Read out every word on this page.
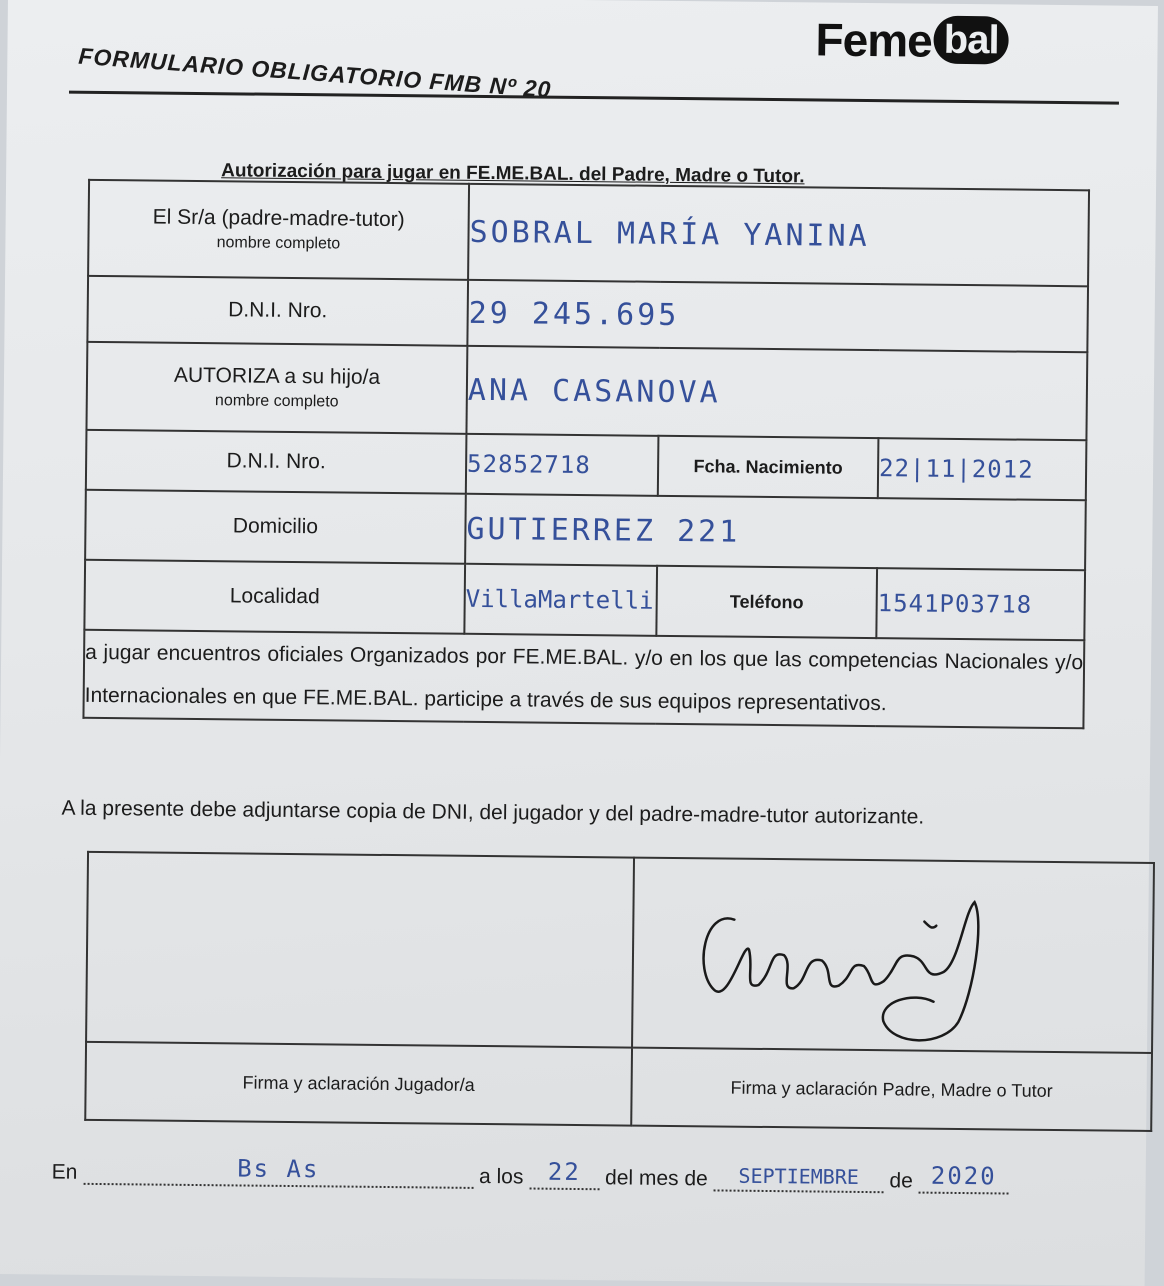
FORMULARIO OBLIGATORIO FMB Nº 20
Feme bal
Autorización para jugar en FE.ME.BAL. del Padre, Madre o Tutor.
El Sr/a (padre-madre-tutor)
nombre completo	SOBRAL MARÍA YANINA		
D.N.I. Nro.	29 245.695		
AUTORIZA a su hijo/a
nombre completo	ANA CASANOVA		
D.N.I. Nro.	52852718	Fcha. Nacimiento	22|11|2012
Domicilio	GUTIERREZ 221		
Localidad	VillaMartelli	Teléfono	1541P03718
a jugar encuentros oficiales Organizados por FE.ME.BAL. y/o en los que las competencias Nacionales y/o Internacionales en que FE.ME.BAL. participe a través de sus equipos representativos.			
A la presente debe adjuntarse copia de DNI, del jugador y del padre-madre-tutor autorizante.

Firma y aclaración Jugador/a	Firma y aclaración Padre, Madre o Tutor
En	Bs As	a los	22	del mes de	SEPTIEMBRE	de 2020
